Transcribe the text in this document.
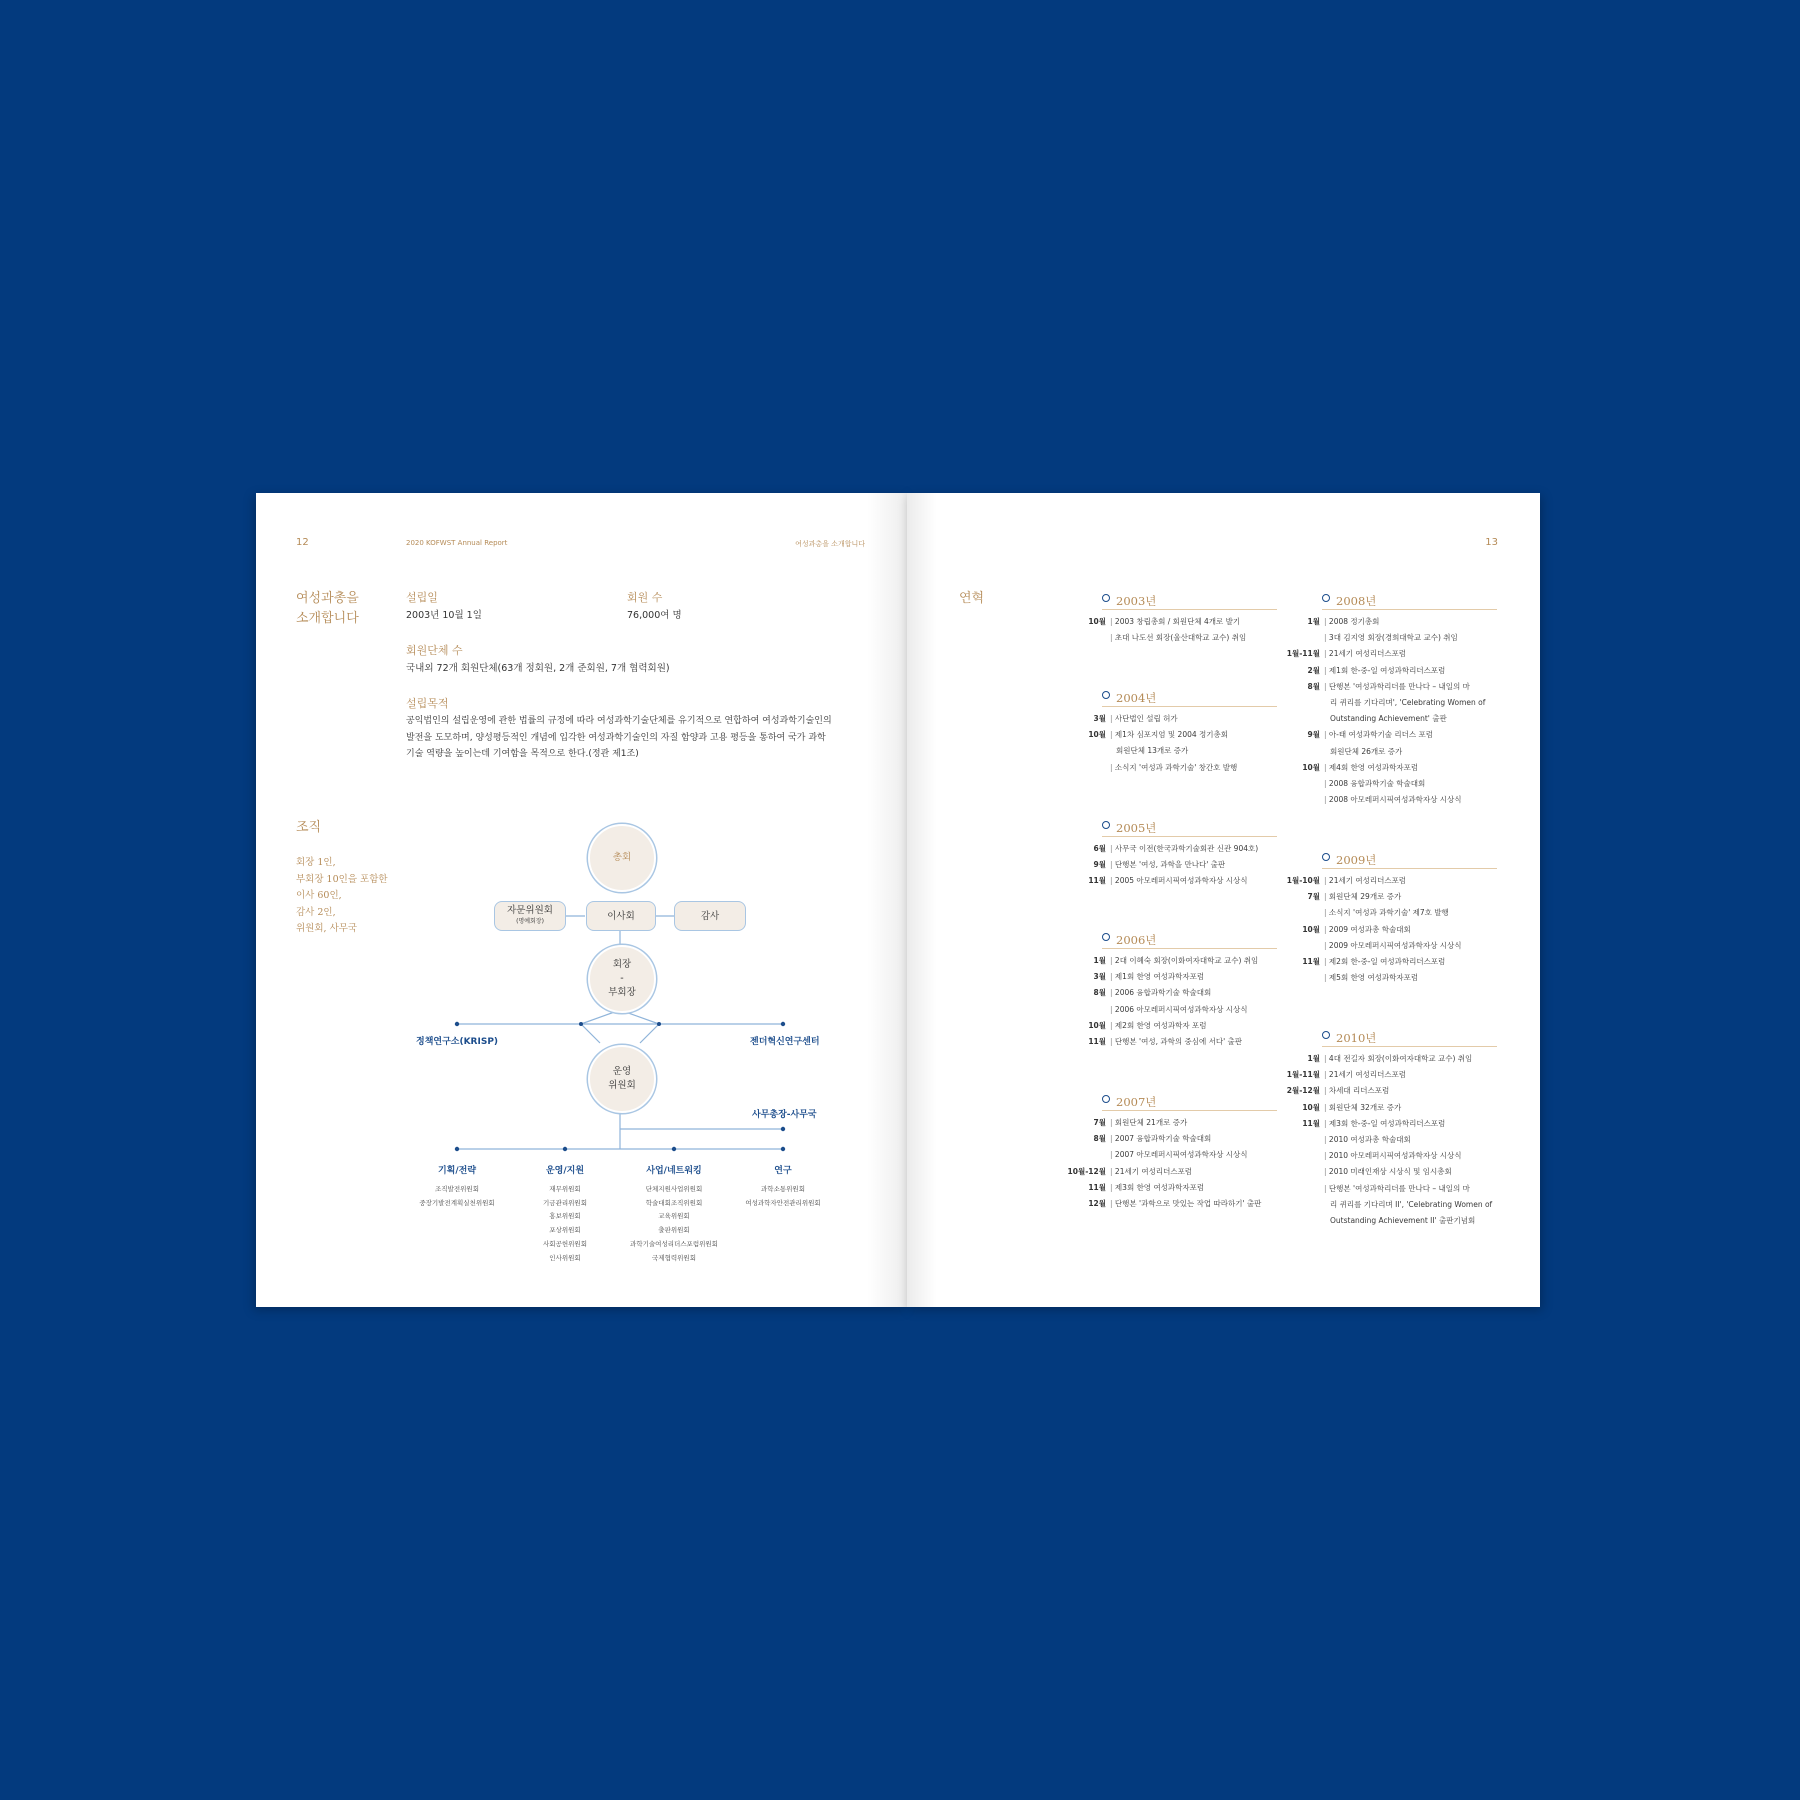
12	2020 KOFWST Annual Report	여성과총을 소개합니다
여성과총을
소개합니다
설립일
2003년 10월 1일
회원 수
76,000여 명
회원단체 수
국내외 72개 회원단체(63개 정회원, 2개 준회원, 7개 협력회원)
설립목적
공익법인의 설립운영에 관한 법률의 규정에 따라 여성과학기술단체를 유기적으로 연합하여 여성과학기술인의
발전을 도모하며, 양성평등적인 개념에 입각한 여성과학기술인의 자질 함양과 고용 평등을 통하여 국가 과학
기술 역량을 높이는데 기여함을 목적으로 한다.(정관 제1조)
조직
회장 1인,
부회장 10인을 포함한
이사 60인,
감사 2인,
위원회, 사무국
총회
자문위원회
(명예회장)	이사회	감사
회장
-
부회장
정책연구소(KRISP)	젠더혁신연구센터
운영
위원회
사무총장-사무국
기획/전략
조직발전위원회
중장기발전계획실천위원회
운영/지원
재무위원회
기금관리위원회
홍보위원회
포상위원회
사회공헌위원회
인사위원회
사업/네트워킹
단체지원사업위원회
학술대회조직위원회
교육위원회
출판위원회
과학기술여성리더스포럼위원회
국제협력위원회
연구
과학소통위원회
여성과학자안전관리위원회
13
연혁	2003년
10월 | 2003 창립총회 / 회원단체 4개로 발기
| 초대 나도선 회장(울산대학교 교수) 취임
2004년
3월 | 사단법인 설립 허가
10월 | 제1차 심포지엄 및 2004 정기총회
회원단체 13개로 증가
| 소식지 '여성과 과학기술' 창간호 발행
2005년
6월 | 사무국 이전(한국과학기술회관 신관 904호)
9월 | 단행본 '여성, 과학을 만나다' 출판
11월 | 2005 아모레퍼시픽여성과학자상 시상식
2006년
1월 | 2대 이혜숙 회장(이화여자대학교 교수) 취임
3월 | 제1회 한영 여성과학자포럼
8월 | 2006 융합과학기술 학술대회
| 2006 아모레퍼시픽여성과학자상 시상식
10월 | 제2회 한영 여성과학자 포럼
11월 | 단행본 '여성, 과학의 중심에 서다' 출판
2007년
7월 | 회원단체 21개로 증가
8월 | 2007 융합과학기술 학술대회
| 2007 아모레퍼시픽여성과학자상 시상식
10월-12월 | 21세기 여성리더스포럼
11월 | 제3회 한영 여성과학자포럼
12월 | 단행본 '과학으로 맛있는 작업 따라하기' 출판
2008년
1월 | 2008 정기총회
| 3대 김지영 회장(경희대학교 교수) 취임
1월-11월 | 21세기 여성리더스포럼
2월 | 제1회 한-중-일 여성과학리더스포럼
8월 | 단행본 '여성과학리더를 만나다 – 내일의 마
리 퀴리를 기다리며', 'Celebrating Women of
Outstanding Achievement' 출판
9월 | 아-태 여성과학기술 리더스 포럼
회원단체 26개로 증가
10월 | 제4회 한영 여성과학자포럼
| 2008 융합과학기술 학술대회
| 2008 아모레퍼시픽여성과학자상 시상식
2009년
1월-10월 | 21세기 여성리더스포럼
7월 | 회원단체 29개로 증가
| 소식지 '여성과 과학기술' 제7호 발행
10월 | 2009 여성과총 학술대회
| 2009 아모레퍼시픽여성과학자상 시상식
11월 | 제2회 한-중-일 여성과학리더스포럼
| 제5회 한영 여성과학자포럼
2010년
1월 | 4대 전길자 회장(이화여자대학교 교수) 취임
1월-11월 | 21세기 여성리더스포럼
2월-12월 | 차세대 리더스포럼
10월 | 회원단체 32개로 증가
11월 | 제3회 한-중-일 여성과학리더스포럼
| 2010 여성과총 학술대회
| 2010 아모레퍼시픽여성과학자상 시상식
| 2010 미래인재상 시상식 및 임시총회
| 단행본 '여성과학리더를 만나다 – 내일의 마
리 퀴리를 기다리며 II', 'Celebrating Women of
Outstanding Achievement II' 출판기념회
